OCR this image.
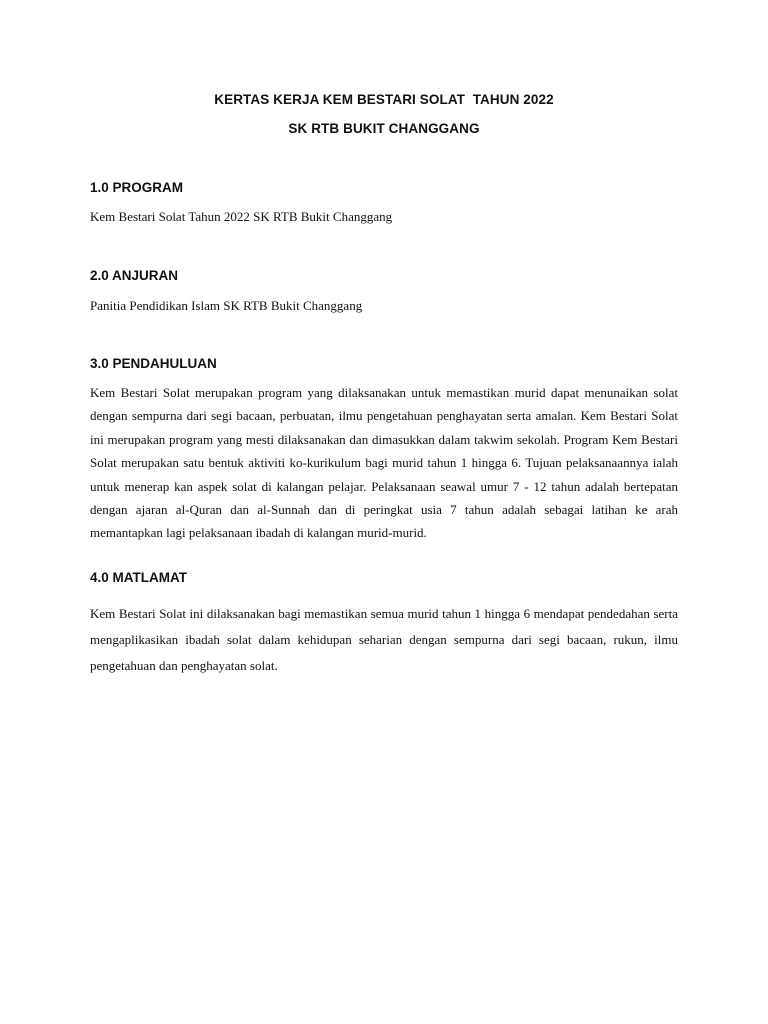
KERTAS KERJA KEM BESTARI SOLAT  TAHUN 2022

SK RTB BUKIT CHANGGANG

1.0 PROGRAM

Kem Bestari Solat Tahun 2022 SK RTB Bukit Changgang

2.0 ANJURAN

Panitia Pendidikan Islam SK RTB Bukit Changgang

3.0 PENDAHULUAN

Kem Bestari Solat merupakan program yang dilaksanakan untuk memastikan murid dapat menunaikan solat dengan sempurna dari segi bacaan, perbuatan, ilmu pengetahuan penghayatan serta amalan. Kem Bestari Solat ini merupakan program yang mesti dilaksanakan dan dimasukkan dalam takwim sekolah. Program Kem Bestari Solat merupakan satu bentuk aktiviti ko-kurikulum bagi murid tahun 1 hingga 6. Tujuan pelaksanaannya ialah untuk menerap kan aspek solat di kalangan pelajar. Pelaksanaan seawal umur 7 - 12 tahun adalah bertepatan dengan ajaran al-Quran dan al-Sunnah dan di peringkat usia 7 tahun adalah sebagai latihan ke arah memantapkan lagi pelaksanaan ibadah di kalangan murid-murid.

4.0 MATLAMAT

Kem Bestari Solat ini dilaksanakan bagi memastikan semua murid tahun 1 hingga 6 mendapat pendedahan serta mengaplikasikan ibadah solat dalam kehidupan seharian dengan sempurna dari segi bacaan, rukun, ilmu pengetahuan dan penghayatan solat.
